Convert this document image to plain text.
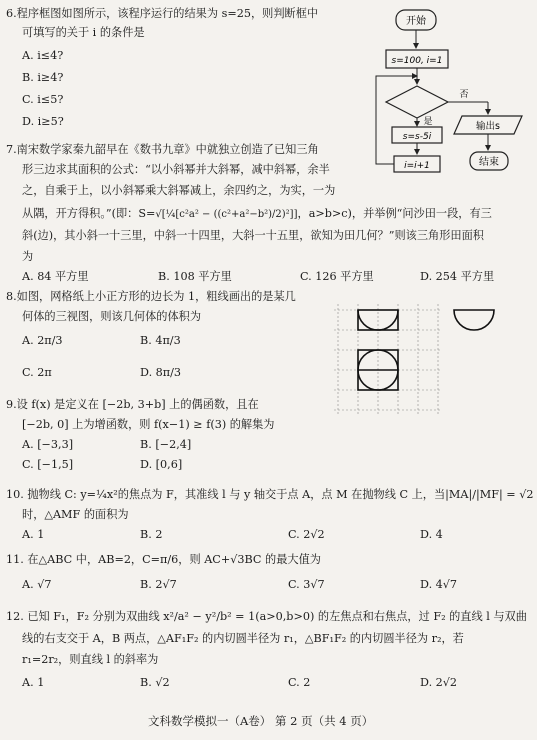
6.程序框图如图所示，该程序运行的结果为 s=25，则判断框中
可填写的关于 i 的条件是
A. i≤4?
B. i≥4?
C. i≤5?
D. i≥5?
开始
s=100, i=1
否
输出s
结束
是
s=s-5i
i=i+1
7.南宋数学家秦九韶早在《数书九章》中就独立创造了已知三角
形三边求其面积的公式：“以小斜幂并大斜幂，减中斜幂，余半
之，自乘于上，以小斜幂乘大斜幂减上，余四约之，为实，一为
从隅，开方得积。”(即：S=√[¼[c²a² − ((c²+a²−b²)/2)²]]，a>b>c)，并举例“问沙田一段，有三
斜(边)，其小斜一十三里，中斜一十四里，大斜一十五里，欲知为田几何？”则该三角形田面积
为
A. 84 平方里	B. 108 平方里	C. 126 平方里	D. 254 平方里
8.如图，网格纸上小正方形的边长为 1，粗线画出的是某几
何体的三视图，则该几何体的体积为
A. 2π/3	B. 4π/3
C. 2π	D. 8π/3
9.设 f(x) 是定义在 [−2b, 3+b] 上的偶函数，且在
[−2b, 0] 上为增函数，则 f(x−1) ≥ f(3) 的解集为
A. [−3,3]	B. [−2,4]
C. [−1,5]	D. [0,6]
10. 抛物线 C: y=¼x²的焦点为 F，其准线 l 与 y 轴交于点 A，点 M 在抛物线 C 上，当|MA|/|MF| = √2
时，△AMF 的面积为
A. 1	B. 2	C. 2√2	D. 4
11. 在△ABC 中，AB=2，C=π/6，则 AC+√3BC 的最大值为
A. √7	B. 2√7	C. 3√7	D. 4√7
12. 已知 F₁，F₂ 分别为双曲线 x²/a² − y²/b² = 1(a>0,b>0) 的左焦点和右焦点，过 F₂ 的直线 l 与双曲
线的右支交于 A，B 两点，△AF₁F₂ 的内切圆半径为 r₁，△BF₁F₂ 的内切圆半径为 r₂，若
r₁=2r₂，则直线 l 的斜率为
A. 1	B. √2	C. 2	D. 2√2
文科数学模拟一（A卷） 第 2 页（共 4 页）
